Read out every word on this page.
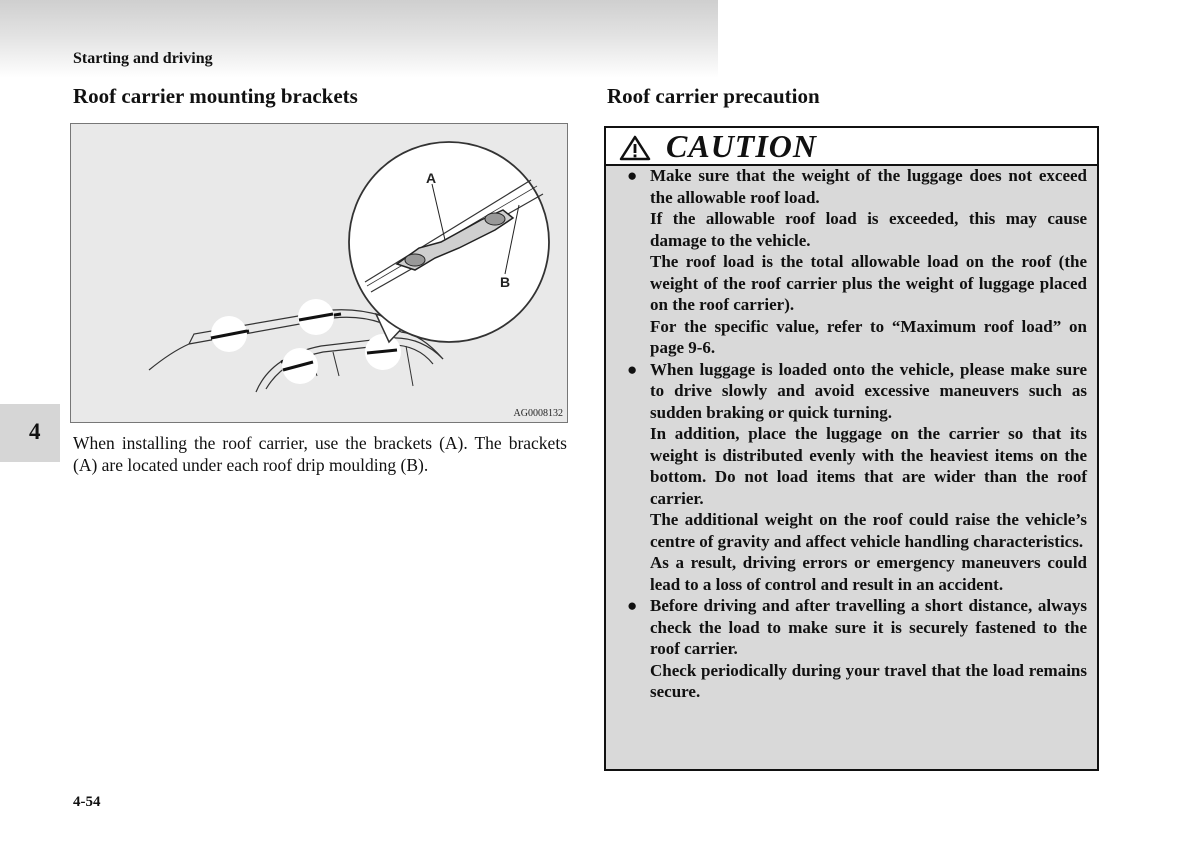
Starting and driving
Roof carrier mounting brackets
A
B
AG0008132
4 When installing the roof carrier, use the brackets (A). The brackets (A) are located under each roof drip moulding (B).
Roof carrier precaution
CAUTION
● Make sure that the weight of the luggage does not exceed the allowable roof load.

If the allowable roof load is exceeded, this may cause damage to the vehicle.

The roof load is the total allowable load on the roof (the weight of the roof carrier plus the weight of luggage placed on the roof carrier).

For the specific value, refer to “Maximum roof load” on page 9-6.

● When luggage is loaded onto the vehicle, please make sure to drive slowly and avoid excessive maneuvers such as sudden braking or quick turning.

In addition, place the luggage on the carrier so that its weight is distributed evenly with the heaviest items on the bottom. Do not load items that are wider than the roof carrier.

The additional weight on the roof could raise the vehicle’s centre of gravity and affect vehicle handling characteristics.

As a result, driving errors or emergency maneuvers could lead to a loss of control and result in an accident.

● Before driving and after travelling a short distance, always check the load to make sure it is securely fastened to the roof carrier.

Check periodically during your travel that the load remains secure.

4-54
